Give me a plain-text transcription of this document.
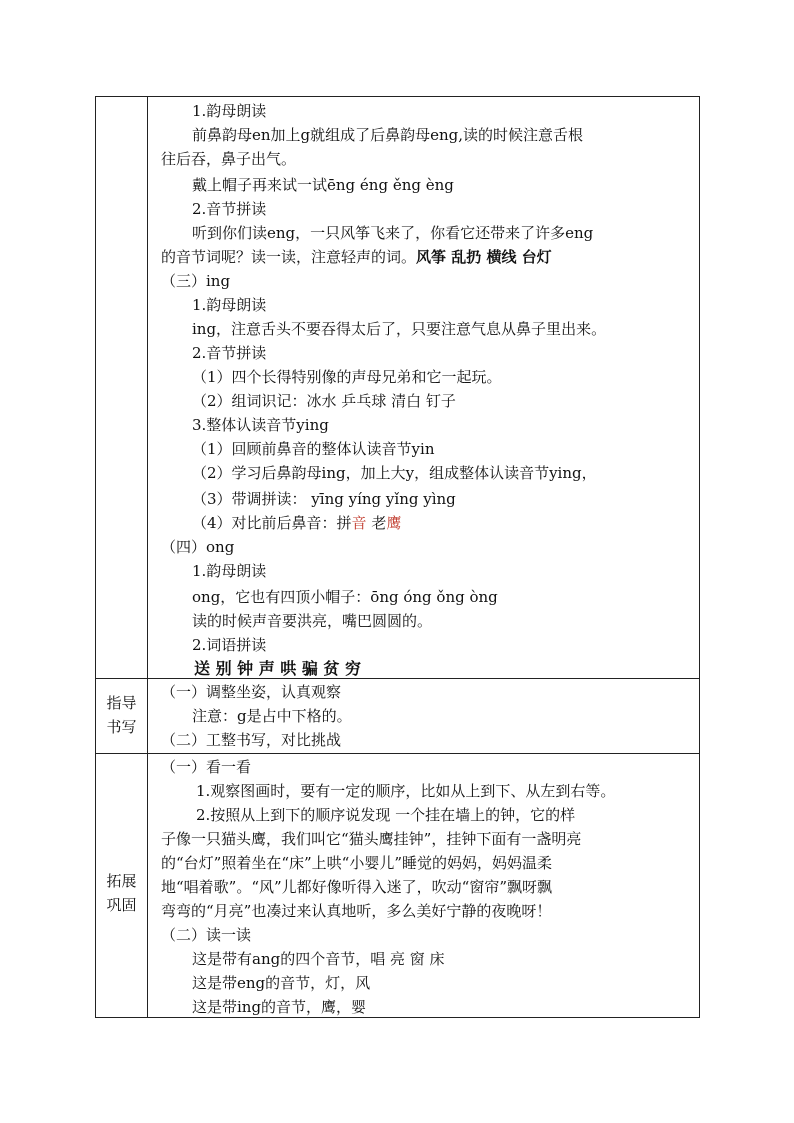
1.韵母朗读
前鼻韵母en加上g就组成了后鼻韵母eng,读的时候注意舌根
往后吞，鼻子出气。
戴上帽子再来试一试ēng éng ěng èng
2.音节拼读
听到你们读eng，一只风筝飞来了，你看它还带来了许多eng
的音节词呢？读一读，注意轻声的词。风筝 乱扔 横线 台灯
（三）ing
1.韵母朗读
ing，注意舌头不要吞得太后了，只要注意气息从鼻子里出来。
2.音节拼读
（1）四个长得特别像的声母兄弟和它一起玩。
（2）组词识记：冰水 乒乓球 清白 钉子
3.整体认读音节ying
（1）回顾前鼻音的整体认读音节yin
（2）学习后鼻韵母ing，加上大y，组成整体认读音节ying，
（3）带调拼读： yīng yíng yǐng yìng
（4）对比前后鼻音：拼音 老鹰
（四）ong
1.韵母朗读
ong，它也有四顶小帽子：ōng óng ǒng òng
读的时候声音要洪亮，嘴巴圆圆的。
2.词语拼读
送 别 钟 声 哄 骗 贫 穷
指导
书写
（一）调整坐姿，认真观察
注意：g是占中下格的。
（二）工整书写，对比挑战
拓展
巩固
（一）看一看
1.观察图画时，要有一定的顺序，比如从上到下、从左到右等。
2.按照从上到下的顺序说发现 一个挂在墙上的钟，它的样
子像一只猫头鹰，我们叫它“猫头鹰挂钟”，挂钟下面有一盏明亮
的“台灯”照着坐在“床”上哄“小婴儿”睡觉的妈妈，妈妈温柔
地“唱着歌”。“风”儿都好像听得入迷了，吹动“窗帘”飘呀飘
弯弯的“月亮”也凑过来认真地听，多么美好宁静的夜晚呀！
（二）读一读
这是带有ang的四个音节，唱 亮 窗 床
这是带eng的音节，灯，风
这是带ing的音节，鹰，婴
